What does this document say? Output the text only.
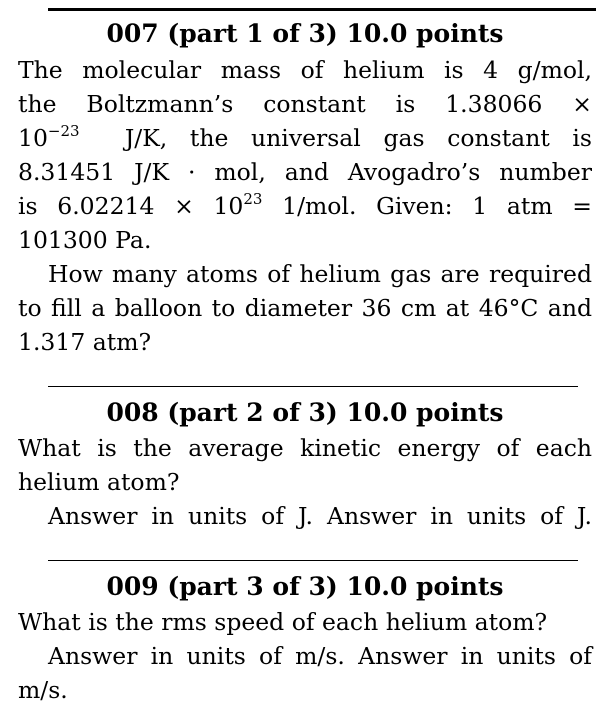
007 (part 1 of 3) 10.0 points
The molecular mass of helium is 4 g/mol,
the Boltzmann’s constant is 1.38066 ×
$10^{-23}$ J/K, the universal gas constant is
8.31451 J/K · mol, and Avogadro’s number
is $6.02214 \times 10^{23}$ 1/mol. Given: 1 atm =
101300 Pa.
How many atoms of helium gas are required
to fill a balloon to diameter 36 cm at 46°C and
1.317 atm?
008 (part 2 of 3) 10.0 points
What is the average kinetic energy of each
helium atom?
Answer in units of J. Answer in units of J.
009 (part 3 of 3) 10.0 points
What is the rms speed of each helium atom?
Answer in units of m/s. Answer in units of
m/s.
